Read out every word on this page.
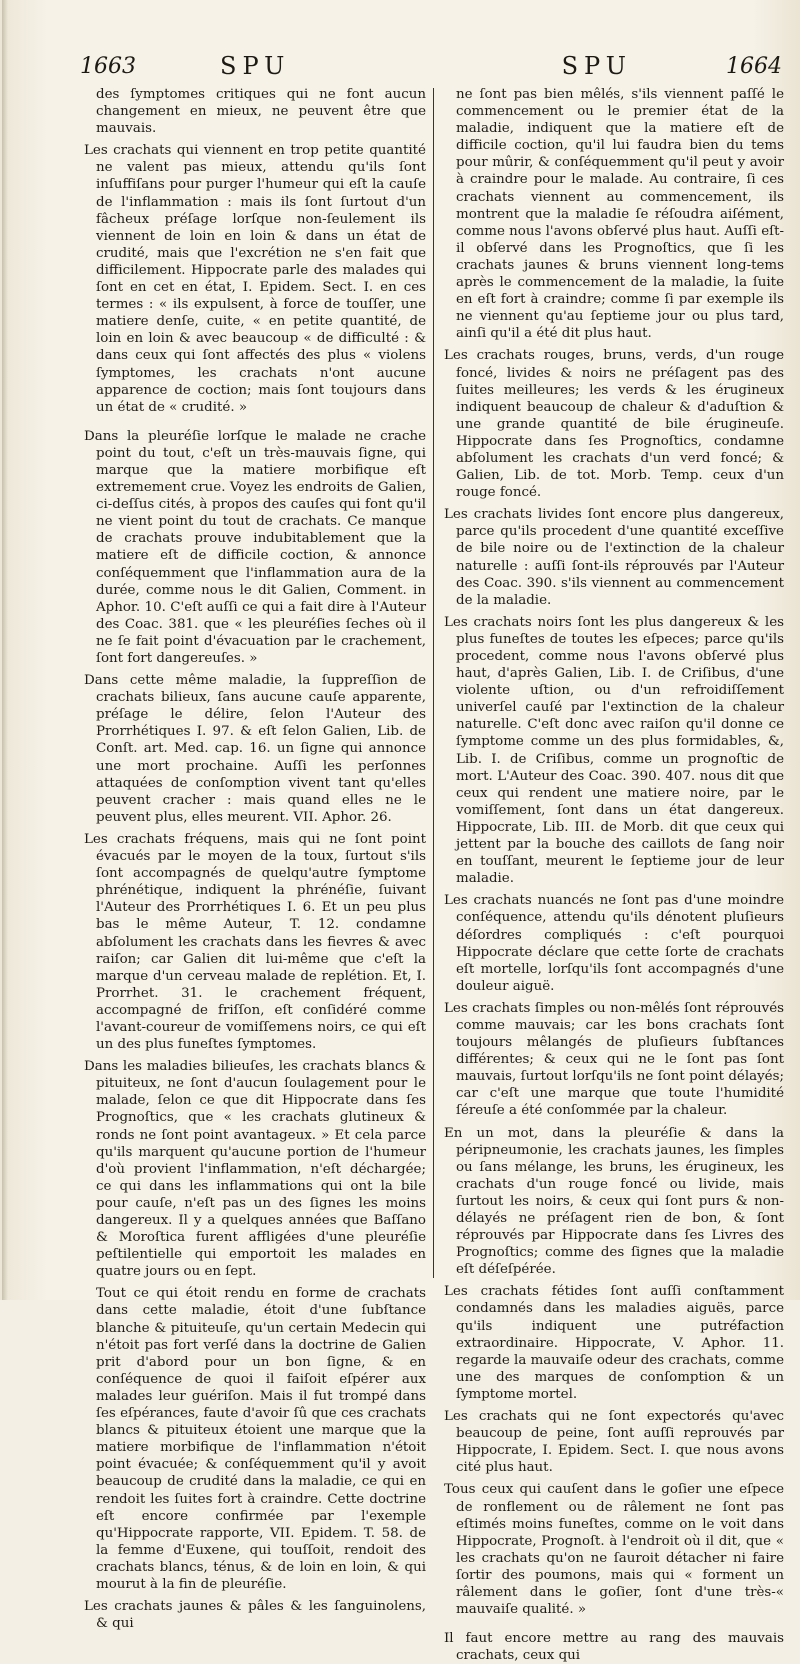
1663	SPU	SPU	1664

des ſymptomes critiques qui ne font aucun changement en mieux, ne peuvent être que mauvais.

Les crachats qui viennent en trop petite quantité ne valent pas mieux, attendu qu'ils ſont inſuffiſans pour purger l'humeur qui eſt la cauſe de l'inflammation : mais ils ſont ſurtout d'un fâcheux préſage lorſque non-ſeulement ils viennent de loin en loin & dans un état de crudité, mais que l'excrétion ne s'en fait que difficilement. Hippocrate parle des malades qui ſont en cet en état, I. Epidem. Sect. I. en ces termes : « ils expulsent, à force de touſſer, une matiere denſe, cuite, « en petite quantité, de loin en loin & avec beaucoup « de difficulté : & dans ceux qui ſont affectés des plus « violens ſymptomes, les crachats n'ont aucune apparence de coction; mais ſont toujours dans un état de « crudité. »

Dans la pleuréſie lorſque le malade ne crache point du tout, c'eſt un très-mauvais ſigne, qui marque que la matiere morbifique eſt extremement crue. Voyez les endroits de Galien, ci-deſſus cités, à propos des cauſes qui font qu'il ne vient point du tout de crachats. Ce manque de crachats prouve indubitablement que la matiere eſt de difficile coction, & annonce conſéquemment que l'inflammation aura de la durée, comme nous le dit Galien, Comment. in Aphor. 10. C'eſt auſſi ce qui a fait dire à l'Auteur des Coac. 381. que « les pleuréſies ſeches où il ne ſe fait point d'évacuation par le crachement, ſont fort dangereuſes. »

Dans cette même maladie, la ſuppreſſion de crachats bilieux, ſans aucune cauſe apparente, préſage le délire, ſelon l'Auteur des Prorrhétiques I. 97. & eſt ſelon Galien, Lib. de Conſt. art. Med. cap. 16. un ſigne qui annonce une mort prochaine. Auſſi les perſonnes attaquées de conſomption vivent tant qu'elles peuvent cracher : mais quand elles ne le peuvent plus, elles meurent. VII. Aphor. 26.

Les crachats fréquens, mais qui ne ſont point évacués par le moyen de la toux, ſurtout s'ils ſont accompagnés de quelqu'autre ſymptome phrénétique, indiquent la phrénéſie, ſuivant l'Auteur des Prorrhétiques I. 6. Et un peu plus bas le même Auteur, T. 12. condamne abſolument les crachats dans les fievres & avec raiſon; car Galien dit lui-même que c'eſt la marque d'un cerveau malade de replétion. Et, I. Prorrhet. 31. le crachement fréquent, accompagné de friſſon, eſt conſidéré comme l'avant-coureur de vomiſſemens noirs, ce qui eſt un des plus funeſtes ſymptomes.

Dans les maladies bilieuſes, les crachats blancs & pituiteux, ne ſont d'aucun ſoulagement pour le malade, ſelon ce que dit Hippocrate dans ſes Prognoſtics, que « les crachats glutineux & ronds ne ſont point avantageux. » Et cela parce qu'ils marquent qu'aucune portion de l'humeur d'où provient l'inflammation, n'eſt déchargée; ce qui dans les inflammations qui ont la bile pour cauſe, n'eſt pas un des ſignes les moins dangereux. Il y a quelques années que Baſſano & Moroſtica furent affligées d'une pleuréſie peſtilentielle qui emportoit les malades en quatre jours ou en ſept.

Tout ce qui étoit rendu en forme de crachats dans cette maladie, étoit d'une ſubſtance blanche & pituiteuſe, qu'un certain Medecin qui n'étoit pas fort verſé dans la doctrine de Galien prit d'abord pour un bon ſigne, & en conſéquence de quoi il faiſoit eſpérer aux malades leur guériſon. Mais il fut trompé dans ſes eſpérances, faute d'avoir ſû que ces crachats blancs & pituiteux étoient une marque que la matiere morbifique de l'inflammation n'étoit point évacuée; & conſéquemment qu'il y avoit beaucoup de crudité dans la maladie, ce qui en rendoit les ſuites fort à craindre. Cette doctrine eſt encore confirmée par l'exemple qu'Hippocrate rapporte, VII. Epidem. T. 58. de la femme d'Euxene, qui touſſoit, rendoit des crachats blancs, ténus, & de loin en loin, & qui mourut à la fin de pleuréſie.

Les crachats jaunes & pâles & les ſanguinolens, & qui

ne ſont pas bien mêlés, s'ils viennent paſſé le commencement ou le premier état de la maladie, indiquent que la matiere eſt de difficile coction, qu'il lui faudra bien du tems pour mûrir, & conſéquemment qu'il peut y avoir à craindre pour le malade. Au contraire, ſi ces crachats viennent au commencement, ils montrent que la maladie ſe réſoudra aiſément, comme nous l'avons obſervé plus haut. Auſſi eſt-il obſervé dans les Prognoſtics, que ſi les crachats jaunes & bruns viennent long-tems après le commencement de la maladie, la ſuite en eſt fort à craindre; comme ſi par exemple ils ne viennent qu'au ſeptieme jour ou plus tard, ainſi qu'il a été dit plus haut.

Les crachats rouges, bruns, verds, d'un rouge foncé, livides & noirs ne préſagent pas des ſuites meilleures; les verds & les érugineux indiquent beaucoup de chaleur & d'aduſtion & une grande quantité de bile érugineuſe. Hippocrate dans ſes Prognoſtics, condamne abſolument les crachats d'un verd foncé; & Galien, Lib. de tot. Morb. Temp. ceux d'un rouge foncé.

Les crachats livides ſont encore plus dangereux, parce qu'ils procedent d'une quantité exceſſive de bile noire ou de l'extinction de la chaleur naturelle : auſſi ſont-ils réprouvés par l'Auteur des Coac. 390. s'ils viennent au commencement de la maladie.

Les crachats noirs ſont les plus dangereux & les plus funeſtes de toutes les eſpeces; parce qu'ils procedent, comme nous l'avons obſervé plus haut, d'après Galien, Lib. I. de Criſibus, d'une violente uſtion, ou d'un refroidiſſement univerſel cauſé par l'extinction de la chaleur naturelle. C'eſt donc avec raiſon qu'il donne ce ſymptome comme un des plus formidables, &, Lib. I. de Criſibus, comme un prognoſtic de mort. L'Auteur des Coac. 390. 407. nous dit que ceux qui rendent une matiere noire, par le vomiſſement, ſont dans un état dangereux. Hippocrate, Lib. III. de Morb. dit que ceux qui jettent par la bouche des caillots de ſang noir en touſſant, meurent le ſeptieme jour de leur maladie.

Les crachats nuancés ne ſont pas d'une moindre conſéquence, attendu qu'ils dénotent pluſieurs déſordres compliqués : c'eſt pourquoi Hippocrate déclare que cette ſorte de crachats eſt mortelle, lorſqu'ils ſont accompagnés d'une douleur aiguë.

Les crachats ſimples ou non-mêlés ſont réprouvés comme mauvais; car les bons crachats ſont toujours mêlangés de pluſieurs ſubſtances différentes; & ceux qui ne le ſont pas ſont mauvais, ſurtout lorſqu'ils ne ſont point délayés; car c'eſt une marque que toute l'humidité ſéreuſe a été conſommée par la chaleur.

En un mot, dans la pleuréſie & dans la péripneumonie, les crachats jaunes, les ſimples ou ſans mélange, les bruns, les érugineux, les crachats d'un rouge foncé ou livide, mais ſurtout les noirs, & ceux qui ſont purs & non-délayés ne préſagent rien de bon, & ſont réprouvés par Hippocrate dans ſes Livres des Prognoſtics; comme des ſignes que la maladie eſt déſeſpérée.

Les crachats fétides ſont auſſi conſtamment condamnés dans les maladies aiguës, parce qu'ils indiquent une putréfaction extraordinaire. Hippocrate, V. Aphor. 11. regarde la mauvaiſe odeur des crachats, comme une des marques de conſomption & un ſymptome mortel.

Les crachats qui ne ſont expectorés qu'avec beaucoup de peine, ſont auſſi reprouvés par Hippocrate, I. Epidem. Sect. I. que nous avons cité plus haut.

Tous ceux qui cauſent dans le goſier une eſpece de ronflement ou de râlement ne ſont pas eſtimés moins funeſtes, comme on le voit dans Hippocrate, Prognoſt. à l'endroit où il dit, que « les crachats qu'on ne ſauroit détacher ni faire ſortir des poumons, mais qui « forment un râlement dans le goſier, ſont d'une très-« mauvaiſe qualité. »

Il faut encore mettre au rang des mauvais crachats, ceux qui
